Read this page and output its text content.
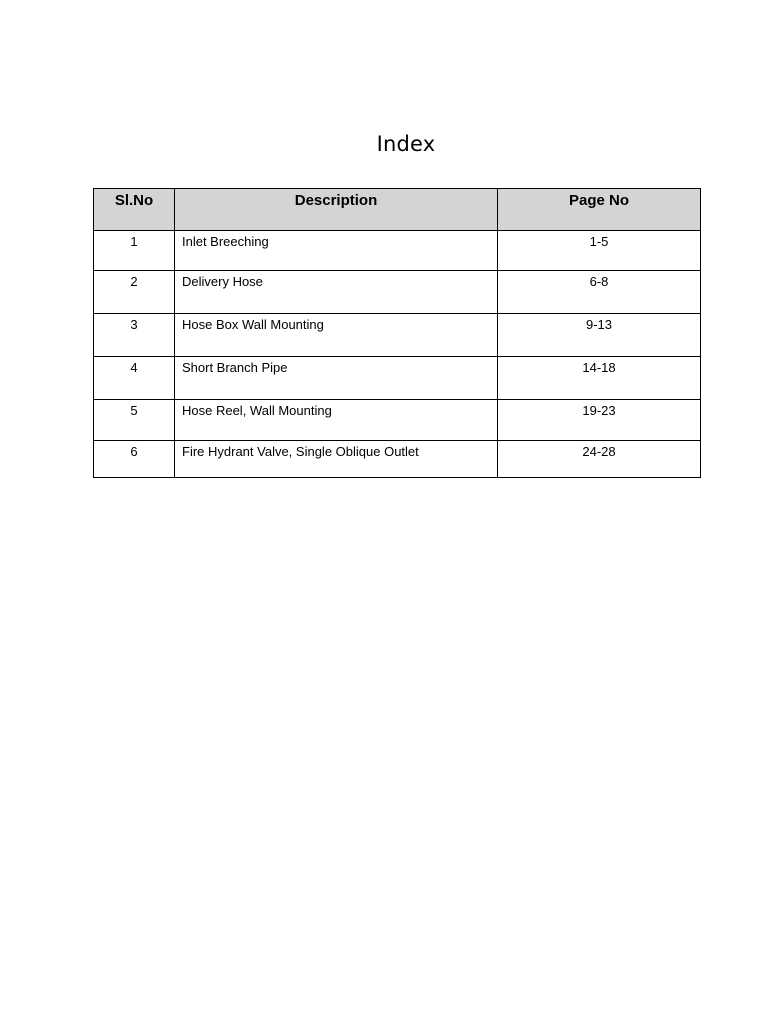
Index
Sl.No	Description	Page No
1	Inlet Breeching	1-5
2	Delivery Hose	6-8
3	Hose Box Wall Mounting	9-13
4	Short Branch Pipe	14-18
5	Hose Reel, Wall Mounting	19-23
6	Fire Hydrant Valve, Single Oblique Outlet	24-28
